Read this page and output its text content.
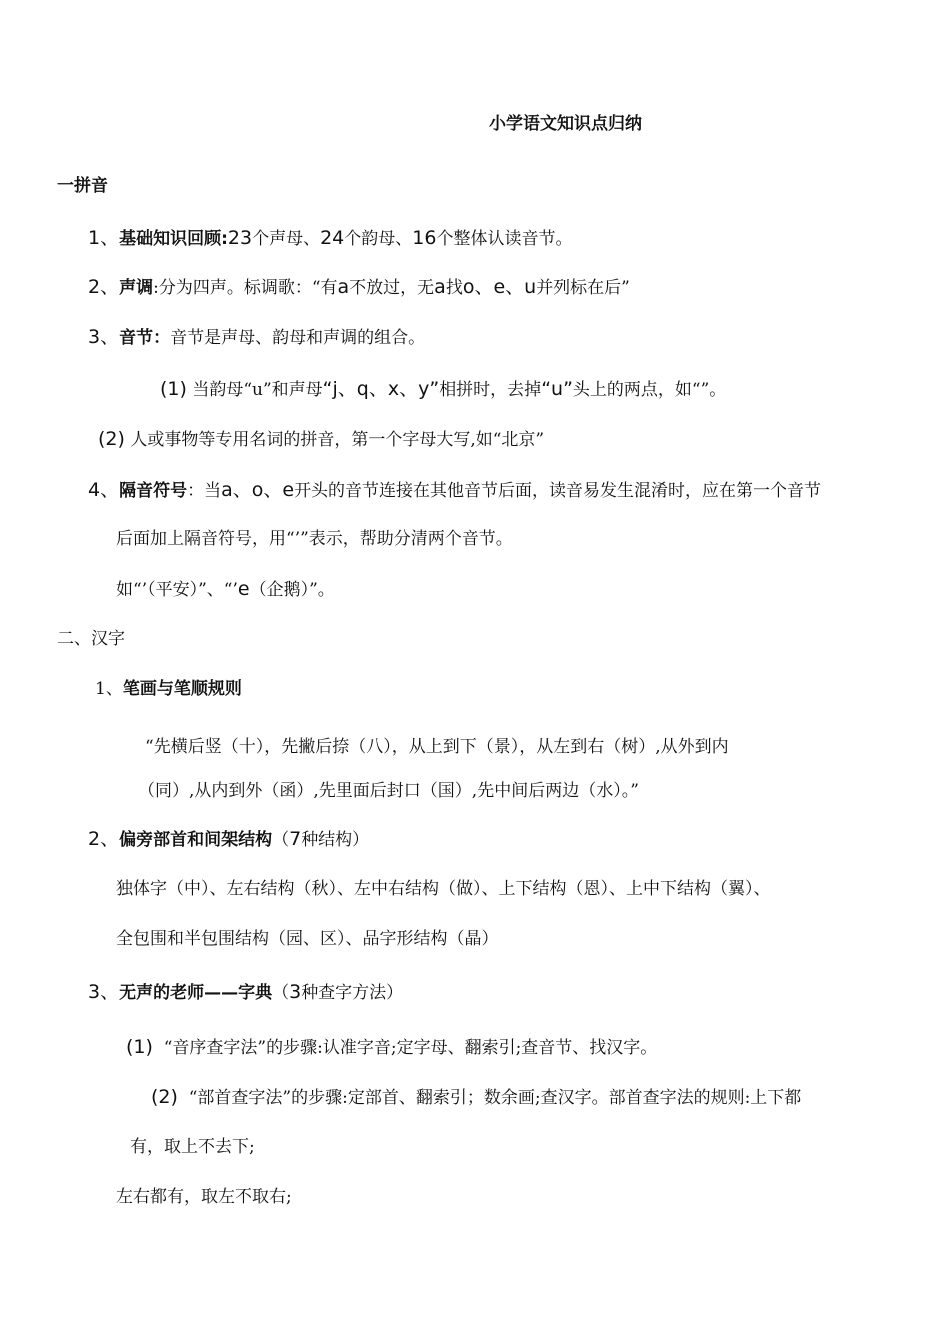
小学语文知识点归纳
一拼音
1、基础知识回顾:23个声母、24个韵母、16个整体认读音节。
2、声调:分为四声。标调歌：“有a不放过，无a找o、e、u并列标在后”
3、音节：音节是声母、韵母和声调的组合。
(1) 当韵母“u”和声母“j、q、x、y”相拼时，去掉“u”头上的两点，如“”。
(2) 人或事物等专用名词的拼音，第一个字母大写,如“北京”
4、隔音符号：当a、o、e开头的音节连接在其他音节后面，读音易发生混淆时，应在第一个音节
后面加上隔音符号，用“’”表示，帮助分清两个音节。
如“’（平安）”、“’e（企鹅）”。
二、汉字
1、笔画与笔顺规则
“先横后竖（十），先撇后捺（八），从上到下（景），从左到右（树）,从外到内
（同）,从内到外（函）,先里面后封口（国）,先中间后两边（水）。”
2、偏旁部首和间架结构（7种结构）
独体字（中）、左右结构（秋）、左中右结构（做）、上下结构（恩）、上中下结构（翼）、
全包围和半包围结构（园、区）、品字形结构（晶）
3、无声的老师——字典（3种查字方法）
(1) “音序查字法”的步骤:认准字音;定字母、翻索引;查音节、找汉字。
(2) “部首查字法”的步骤:定部首、翻索引；数余画;查汉字。部首查字法的规则:上下都
有，取上不去下;
左右都有，取左不取右;
